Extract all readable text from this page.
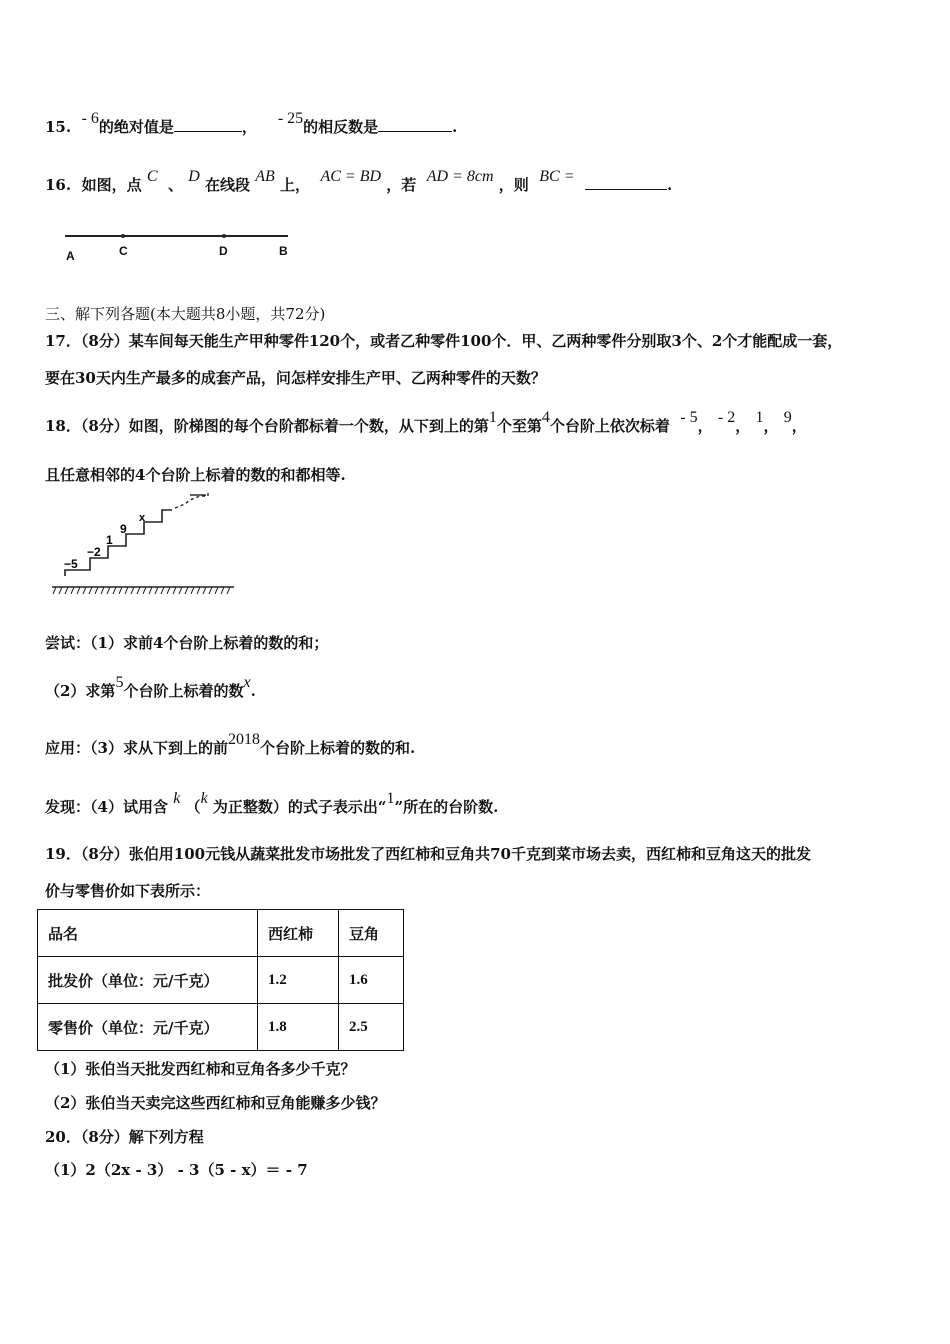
15. - 6的绝对值是	， - 25的相反数是	.
16. 如图，点 C 、 D 在线段 AB 上， AC = BD ，若 AD = 8cm ，则 BC =	.
A	C	D	B
三、解下列各题(本大题共8小题，共72分)
17．（8分）某车间每天能生产甲种零件120个，或者乙种零件100个．甲、乙两种零件分别取3个、2个才能配成一套，
要在30天内生产最多的成套产品，问怎样安排生产甲、乙两种零件的天数？
18．（8分）如图，阶梯图的每个台阶都标着一个数，从下到上的第1个至第4个台阶上依次标着 - 5， - 2， 1， 9，
且任意相邻的4个台阶上标着的数的和都相等.
−5
−2
1
9
x
尝试：（1）求前4个台阶上标着的数的和；
（2）求第5个台阶上标着的数x.
应用：（3）求从下到上的前2018个台阶上标着的数的和.
发现：（4）试用含 k （k 为正整数）的式子表示出“1”所在的台阶数.
19．（8分）张伯用100元钱从蔬菜批发市场批发了西红柿和豆角共70千克到菜市场去卖，西红柿和豆角这天的批发
价与零售价如下表所示：
品名	西红柿	豆角
批发价（单位：元/千克）	1.2	1.6
零售价（单位：元/千克）	1.8	2.5
（1）张伯当天批发西红柿和豆角各多少千克？
（2）张伯当天卖完这些西红柿和豆角能赚多少钱？
20．（8分）解下列方程
（1）2（2x - 3） - 3（5 - x）＝ - 7
